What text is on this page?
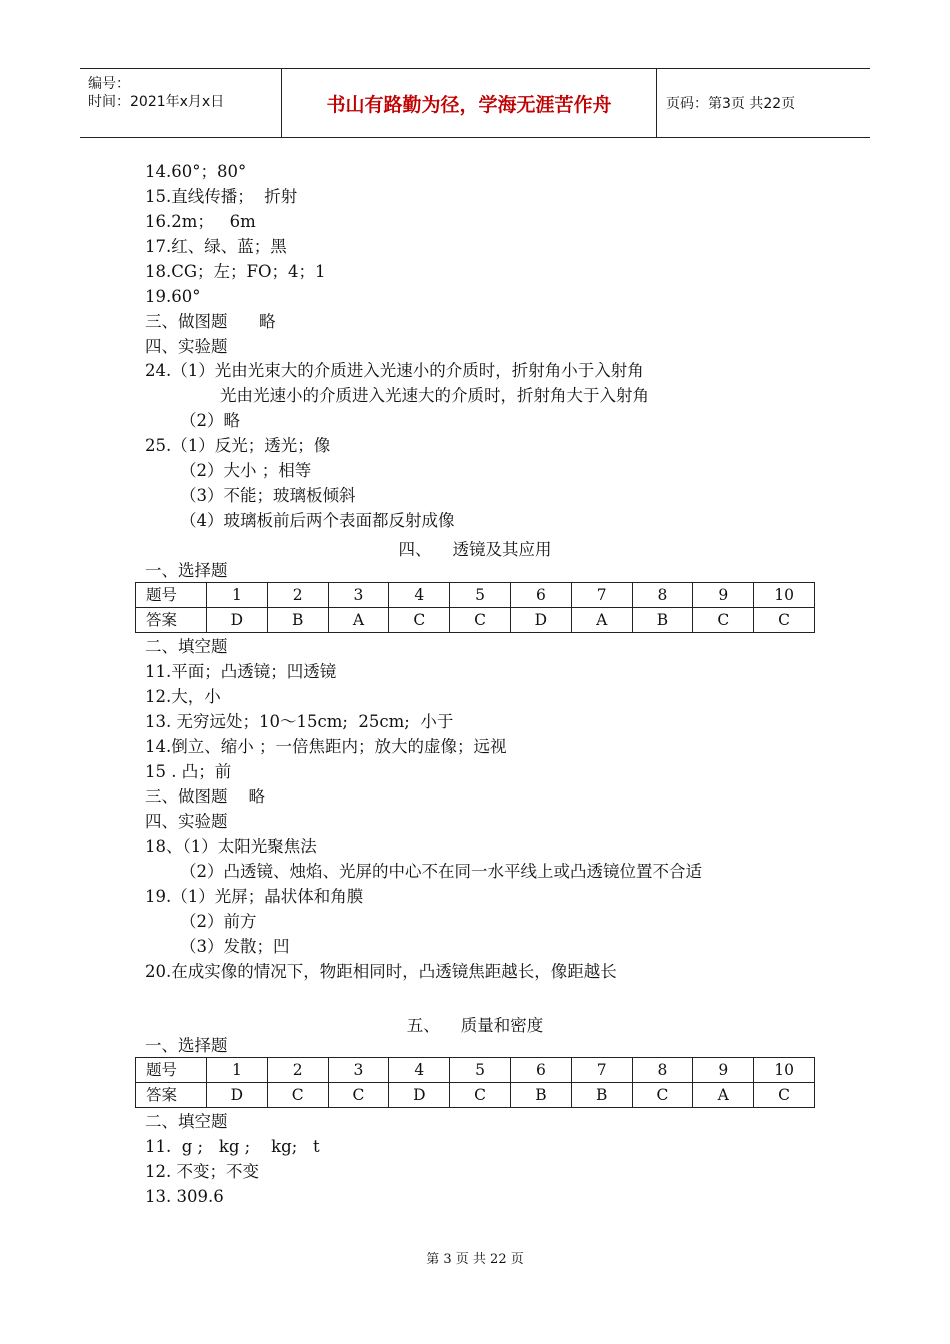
编号：
时间：2021年x月x日	书山有路勤为径，学海无涯苦作舟	页码：第3页 共22页
14.60°；80°
15.直线传播；  折射
16.2m；   6m
17.红、绿、蓝；黑
18.CG；左；FO；4；1
19.60°
三、做图题      略
四、实验题
24.（1）光由光束大的介质进入光速小的介质时，折射角小于入射角
光由光速小的介质进入光速大的介质时，折射角大于入射角
（2）略
25.（1）反光；透光；像
（2）大小 ；相等
（3）不能；玻璃板倾斜
（4）玻璃板前后两个表面都反射成像
四、    透镜及其应用
一、选择题
题号	1	2	3	4	5	6	7	8	9	10
答案	D	B	A	C	C	D	A	B	C	C
二、填空题
11.平面；凸透镜；凹透镜
12.大，小
13. 无穷远处；10～15cm;  25cm;  小于
14.倒立、缩小 ；一倍焦距内；放大的虚像；远视
15 . 凸；前
三、做图题    略
四、实验题
18、（1）太阳光聚焦法
（2）凸透镜、烛焰、光屏的中心不在同一水平线上或凸透镜位置不合适
19.（1）光屏；晶状体和角膜
（2）前方
（3）发散；凹
20.在成实像的情况下，物距相同时，凸透镜焦距越长，像距越长
五、    质量和密度
一、选择题
题号	1	2	3	4	5	6	7	8	9	10
答案	D	C	C	D	C	B	B	C	A	C
二、填空题
11.  g ;   kg ;    kg;   t
12. 不变；不变
13. 309.6
第 3 页 共 22 页
